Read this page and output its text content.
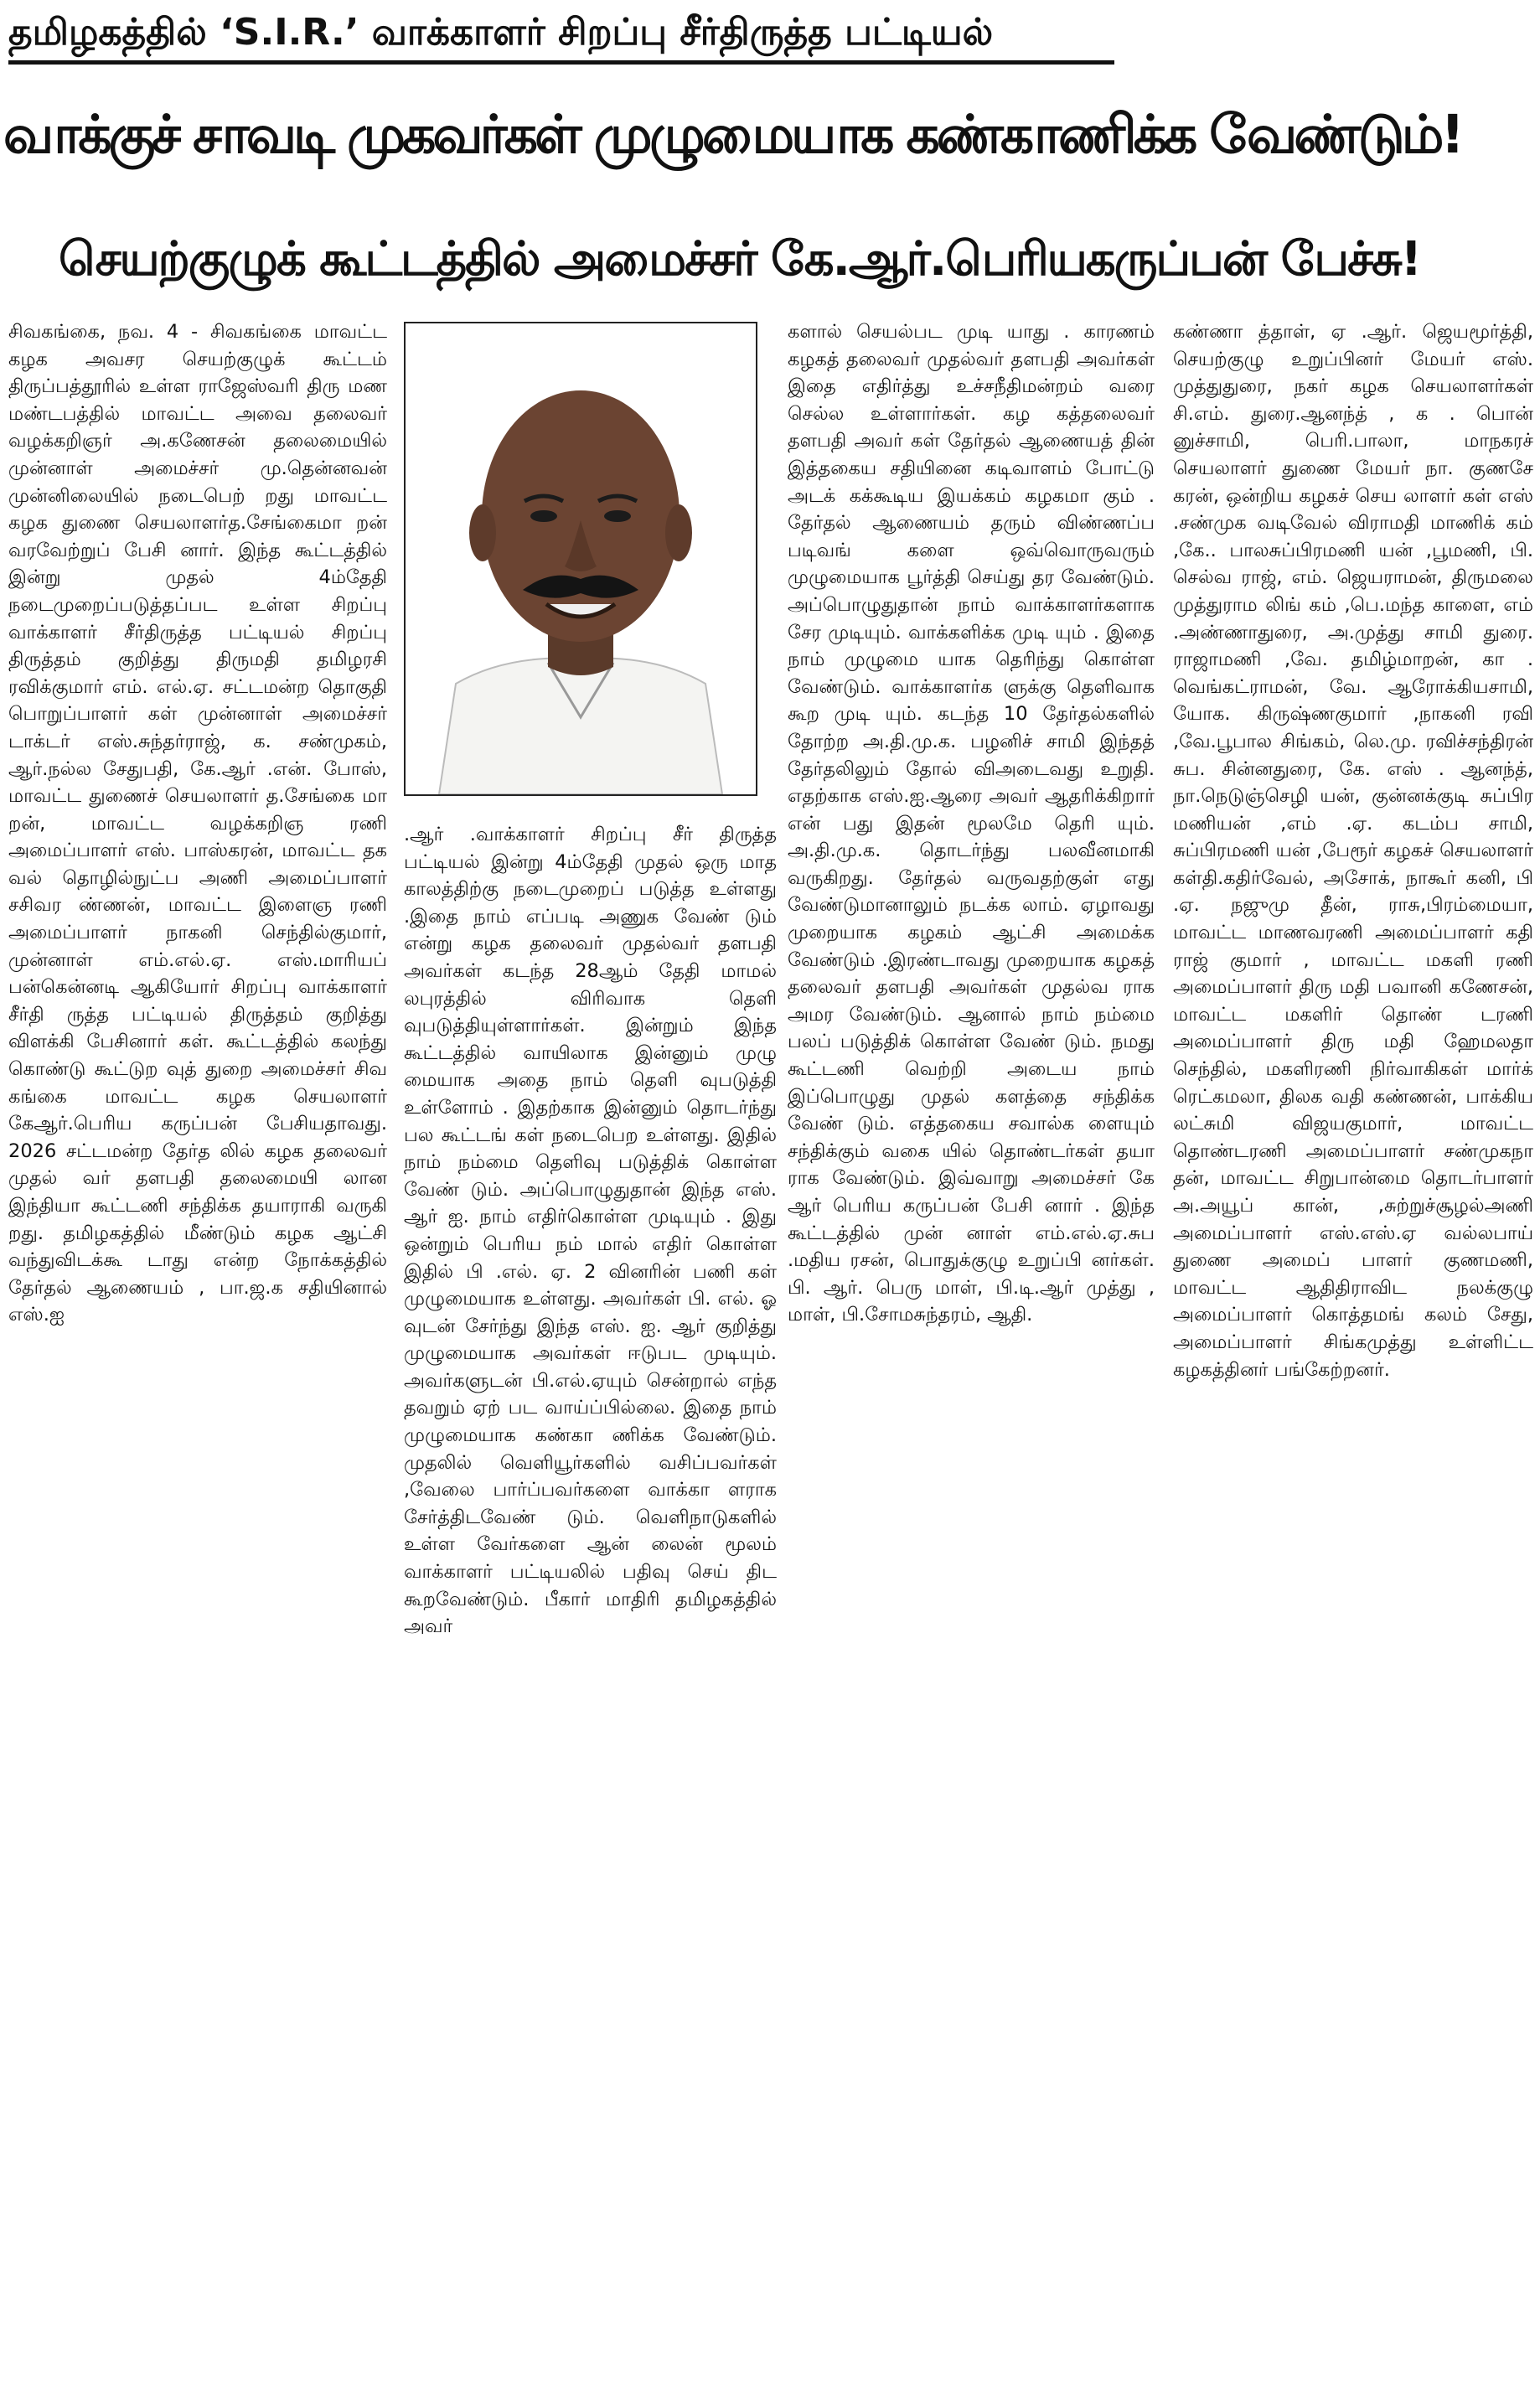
தமிழகத்தில் ‘S.I.R.’ வாக்காளர் சிறப்பு சீர்திருத்த பட்டியல்
வாக்குச் சாவடி முகவர்கள் முழுமையாக கண்காணிக்க வேண்டும்!
செயற்குழுக் கூட்டத்தில் அமைச்சர் கே.ஆர்.பெரியகருப்பன் பேச்சு!

சிவகங்கை, நவ. 4 - சிவகங்கை மாவட்ட கழக அவசர செயற்குழுக் கூட்டம் திருப்பத்தூரில் உள்ள ராஜேஸ்வரி திரு மண மண்டபத்தில் மாவட்ட அவை தலைவர் வழக்கறிஞர் அ.கணேசன் தலைமையில் முன்னாள் அமைச்சர் மு.தென்னவன் முன்னிலையில் நடைபெற் றது மாவட்ட கழக துணை செயலாளர்த.சேங்கைமா றன் வரவேற்றுப் பேசி னார். இந்த கூட்டத்தில் இன்று முதல் 4ம்தேதி நடைமுறைப்படுத்தப்பட உள்ள சிறப்பு வாக்காளர் சீர்திருத்த பட்டியல் சிறப்பு திருத்தம் குறித்து திருமதி தமிழரசி ரவிக்குமார் எம். எல்.ஏ. சட்டமன்ற தொகுதி பொறுப்பாளர் கள் முன்னாள் அமைச்சர் டாக்டர் எஸ்.சுந்தர்ராஜ், க. சண்முகம், ஆர்.நல்ல சேதுபதி, கே.ஆர் .என். போஸ், மாவட்ட துணைச் செயலாளர் த.சேங்கை மா றன், மாவட்ட வழக்கறிஞ ரணி அமைப்பாளர் எஸ். பாஸ்கரன், மாவட்ட தக வல் தொழில்நுட்ப அணி அமைப்பாளர் சசிவர ண்ணன், மாவட்ட இளைஞ ரணி அமைப்பாளர் நாகனி செந்தில்குமார், முன்னாள் எம்.எல்.ஏ. எஸ்.மாரியப் பன்கென்னடி ஆகியோர் சிறப்பு வாக்காளர் சீர்தி ருத்த பட்டியல் திருத்தம் குறித்து விளக்கி பேசினார் கள். கூட்டத்தில் கலந்து கொண்டு கூட்டுற வுத் துறை அமைச்சர் சிவ கங்கை மாவட்ட கழக செயலாளர் கேஆர்.பெரிய கருப்பன் பேசியதாவது. 2026 சட்டமன்ற தேர்த லில் கழக தலைவர் முதல் வர் தளபதி தலைமையி லான இந்தியா கூட்டணி சந்திக்க தயாராகி வருகி றது. தமிழகத்தில் மீண்டும் கழக ஆட்சி வந்துவிடக்கூ டாது என்ற நோக்கத்தில் தேர்தல் ஆணையம் , பா.ஜ.க சதியினால் எஸ்.ஐ

.ஆர் .வாக்காளர் சிறப்பு சீர் திருத்த பட்டியல் இன்று 4ம்தேதி முதல் ஒரு மாத காலத்திற்கு நடைமுறைப் படுத்த உள்ளது .இதை நாம் எப்படி அணுக வேண் டும் என்று கழக தலைவர் முதல்வர் தளபதி அவர்கள் கடந்த 28ஆம் தேதி மாமல் லபுரத்தில் விரிவாக தெளி வுபடுத்தியுள்ளார்கள். இன்றும் இந்த கூட்டத்தில் வாயிலாக இன்னும் முழு மையாக அதை நாம் தெளி வுபடுத்தி உள்ளோம் . இதற்காக இன்னும் தொடர்ந்து பல கூட்டங் கள் நடைபெற உள்ளது. இதில் நாம் நம்மை தெளிவு படுத்திக் கொள்ள வேண் டும். அப்பொழுதுதான் இந்த எஸ். ஆர் ஐ. நாம் எதிர்கொள்ள முடியும் . இது ஒன்றும் பெரிய நம் மால் எதிர் கொள்ள இதில் பி .எல். ஏ. 2 வினரின் பணி கள் முழுமையாக உள்ளது. அவர்கள் பி. எல். ஓ வுடன் சேர்ந்து இந்த எஸ். ஐ. ஆர் குறித்து முழுமையாக அவர்கள் ஈடுபட முடியும். அவர்களுடன் பி.எல்.ஏயும் சென்றால் எந்த தவறும் ஏற் பட வாய்ப்பில்லை. இதை நாம் முழுமையாக கண்கா ணிக்க வேண்டும். முதலில் வெளியூர்களில் வசிப்பவர்கள் ,வேலை பார்ப்பவர்களை வாக்கா ளராக சேர்த்திடவேண் டும். வெளிநாடுகளில் உள்ள வேர்களை ஆன் லைன் மூலம் வாக்காளர் பட்டியலில் பதிவு செய் திட கூறவேண்டும். பீகார் மாதிரி தமிழகத்தில் அவர்

களால் செயல்பட முடி யாது . காரணம் கழகத் தலைவர் முதல்வர் தளபதி அவர்கள் இதை எதிர்த்து உச்சநீதிமன்றம் வரை செல்ல உள்ளார்கள். கழ கத்தலைவர் தளபதி அவர் கள் தேர்தல் ஆணையத் தின் இத்தகைய சதியினை கடிவாளம் போட்டு அடக் கக்கூடிய இயக்கம் கழகமா கும் . தேர்தல் ஆணையம் தரும் விண்ணப்ப படிவங் களை ஒவ்வொருவரும் முழுமையாக பூர்த்தி செய்து தர வேண்டும். அப்பொழுதுதான் நாம் வாக்காளர்களாக சேர முடியும். வாக்களிக்க முடி யும் . இதை நாம் முழுமை யாக தெரிந்து கொள்ள வேண்டும். வாக்காளர்க ளுக்கு தெளிவாக கூற முடி யும். கடந்த 10 தேர்தல்களில் தோற்ற அ.தி.மு.க. பழனிச் சாமி இந்தத் தேர்தலிலும் தோல் விஅடைவது உறுதி. எதற்காக எஸ்.ஐ.ஆரை அவர் ஆதரிக்கிறார் என் பது இதன் மூலமே தெரி யும். அ.தி.மு.க. தொடர்ந்து பலவீனமாகி வருகிறது. தேர்தல் வருவதற்குள் எது வேண்டுமானாலும் நடக்க லாம். ஏழாவது முறையாக கழகம் ஆட்சி அமைக்க வேண்டும் .இரண்டாவது முறையாக கழகத் தலைவர் தளபதி அவர்கள் முதல்வ ராக அமர வேண்டும். ஆனால் நாம் நம்மை பலப் படுத்திக் கொள்ள வேண் டும். நமது கூட்டணி வெற்றி அடைய நாம் இப்பொழுது முதல் களத்தை சந்திக்க வேண் டும். எத்தகைய சவால்க ளையும் சந்திக்கும் வகை யில் தொண்டர்கள் தயா ராக வேண்டும். இவ்வாறு அமைச்சர் கே ஆர் பெரிய கருப்பன் பேசி னார் . இந்த கூட்டத்தில் முன் னாள் எம்.எல்.ஏ.சுப .மதிய ரசன், பொதுக்குழு உறுப்பி னர்கள். பி. ஆர். பெரு மாள், பி.டி.ஆர் முத்து , மாள், பி.சோமசுந்தரம், ஆதி.

கண்ணா த்தாள், ஏ .ஆர். ஜெயமூர்த்தி, செயற்குழு உறுப்பினர் மேயர் எஸ். முத்துதுரை, நகர் கழக செயலாளர்கள் சி.எம். துரை.ஆனந்த் , க . பொன் னுச்சாமி, பெரி.பாலா, மாநகரச் செயலாளர் துணை மேயர் நா. குணசே கரன், ஒன்றிய கழகச் செய லாளர் கள் எஸ் .சண்முக வடிவேல் விராமதி மாணிக் கம் ,கே.. பாலசுப்பிரமணி யன் ,பூமணி, பி. செல்வ ராஜ், எம். ஜெயராமன், திருமலை முத்துராம லிங் கம் ,பெ.மந்த காளை, எம் .அண்ணாதுரை, அ.முத்து சாமி துரை. ராஜாமணி ,வே. தமிழ்மாறன், கா . வெங்கட்ராமன், வே. ஆரோக்கியசாமி, யோக. கிருஷ்ணகுமார் ,நாகனி ரவி ,வே.பூபால சிங்கம், லெ.மு. ரவிச்சந்திரன் சுப. சின்னதுரை, கே. எஸ் . ஆனந்த், நா.நெடுஞ்செழி யன், குன்னக்குடி சுப்பிர மணியன் ,எம் .ஏ. கடம்ப சாமி, சுப்பிரமணி யன் ,பேரூர் கழகச் செயலாளர் கள்தி.கதிர்வேல், அசோக், நாகூர் கனி, பி .ஏ. நஜுமு தீன், ராசு,பிரம்மையா, மாவட்ட மாணவரணி அமைப்பாளர் கதி ராஜ் குமார் , மாவட்ட மகளி ரணி அமைப்பாளர் திரு மதி பவானி கணேசன், மாவட்ட மகளிர் தொண் டரணி அமைப்பாளர் திரு மதி ஹேமலதா செந்தில், மகளிரணி நிர்வாகிகள் மார்க் ரெட்கமலா, திலக வதி கண்ணன், பாக்கிய லட்சுமி விஜயகுமார், மாவட்ட தொண்டரணி அமைப்பாளர் சண்முகநா தன், மாவட்ட சிறுபான்மை தொடர்பாளர் அ.அயூப் கான், ,சுற்றுச்சூழல்அணி அமைப்பாளர் எஸ்.எஸ்.ஏ வல்லபாய் துணை அமைப் பாளர் குணமணி, மாவட்ட ஆதிதிராவிட நலக்குழு அமைப்பாளர் கொத்தமங் கலம் சேது, அமைப்பாளர் சிங்கமுத்து உள்ளிட்ட கழகத்தினர் பங்கேற்றனர்.
